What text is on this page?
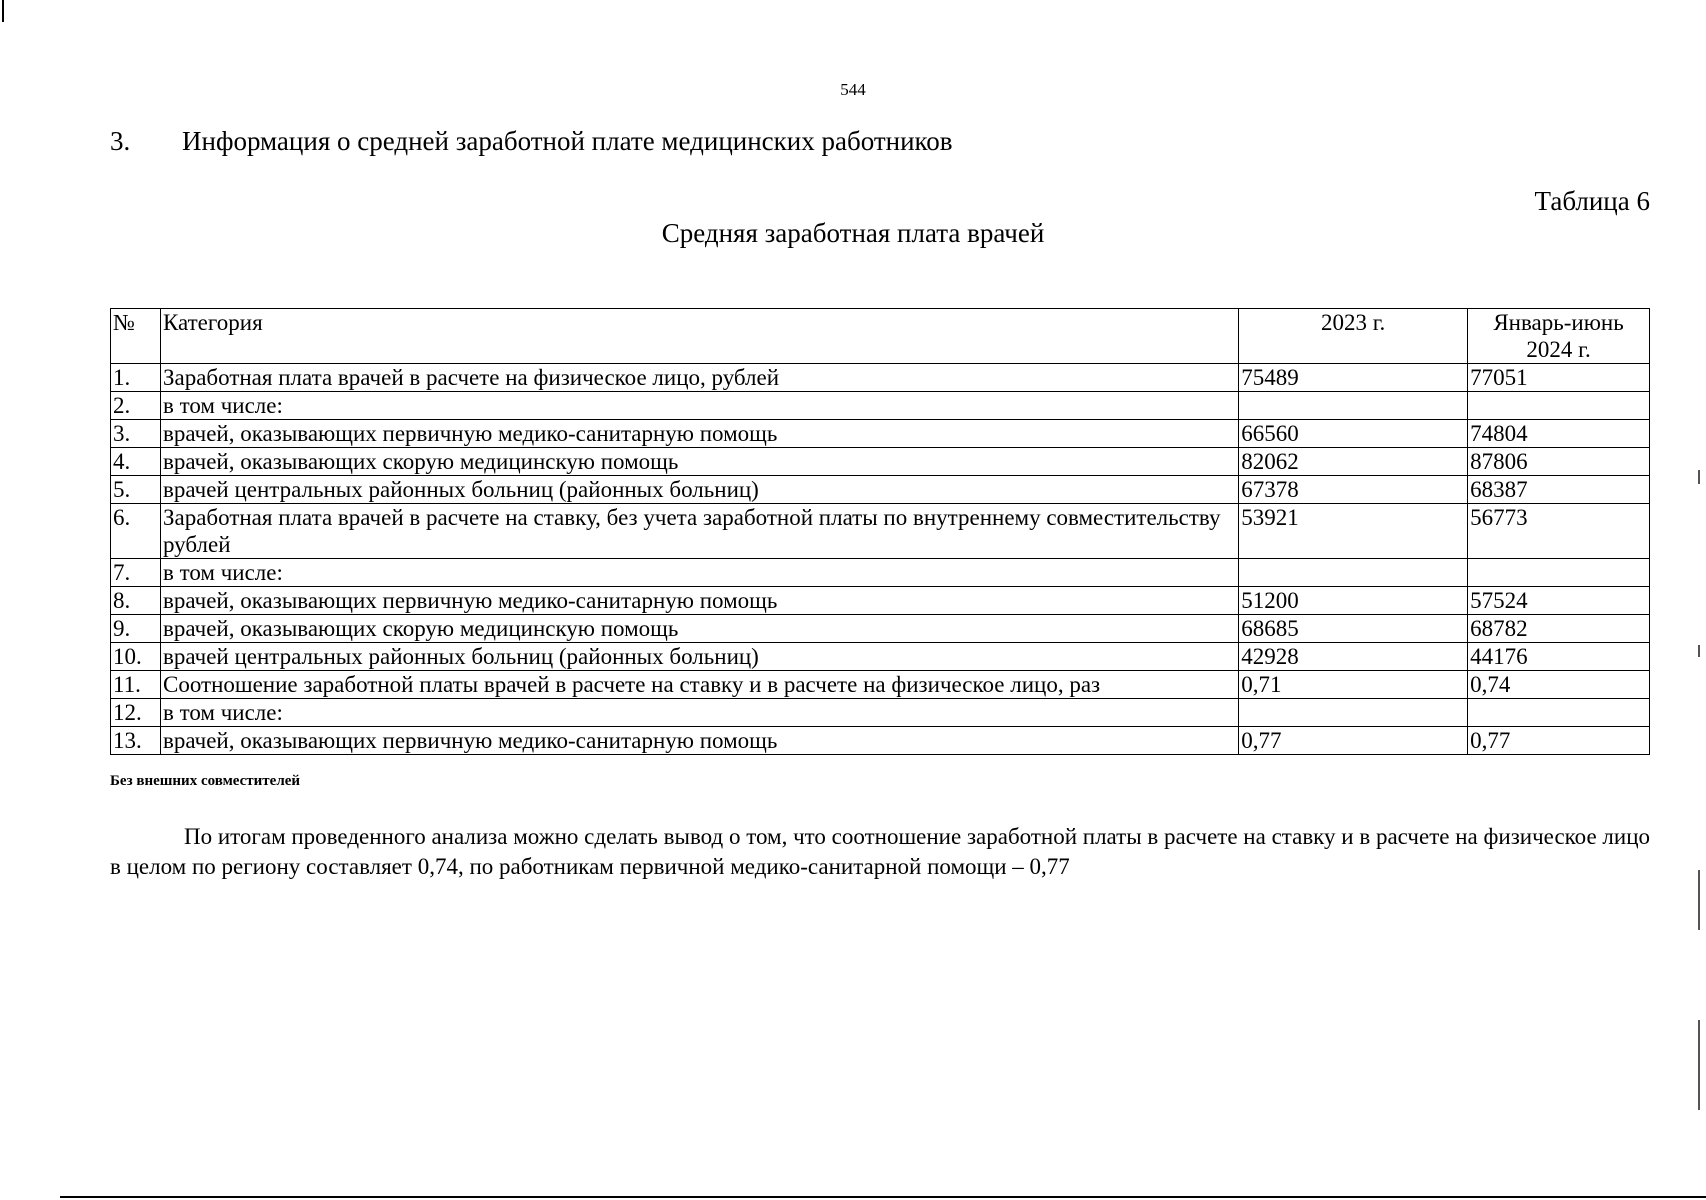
544
3. Информация о средней заработной плате медицинских работников
Таблица 6
Средняя заработная плата врачей
№	Категория	2023 г.	Январь-июнь
2024 г.

1.	Заработная плата врачей в расчете на физическое лицо, рублей	75489	77051
2.	в том числе:		
3.	врачей, оказывающих первичную медико-санитарную помощь	66560	74804
4.	врачей, оказывающих скорую медицинскую помощь	82062	87806
5.	врачей центральных районных больниц (районных больниц)	67378	68387
6.	Заработная плата врачей в расчете на ставку, без учета заработной платы по внутреннему совместительству рублей	53921	56773
7.	в том числе:		
8.	врачей, оказывающих первичную медико-санитарную помощь	51200	57524
9.	врачей, оказывающих скорую медицинскую помощь	68685	68782
10.	врачей центральных районных больниц (районных больниц)	42928	44176
11.	Соотношение заработной платы врачей в расчете на ставку и в расчете на физическое лицо, раз	0,71	0,74
12.	в том числе:		
13.	врачей, оказывающих первичную медико-санитарную помощь	0,77	0,77
Без внешних совместителей
По итогам проведенного анализа можно сделать вывод о том, что соотношение заработной платы в расчете на ставку и в расчете на физическое лицо в целом по региону составляет 0,74, по работникам первичной медико-санитарной помощи – 0,77
